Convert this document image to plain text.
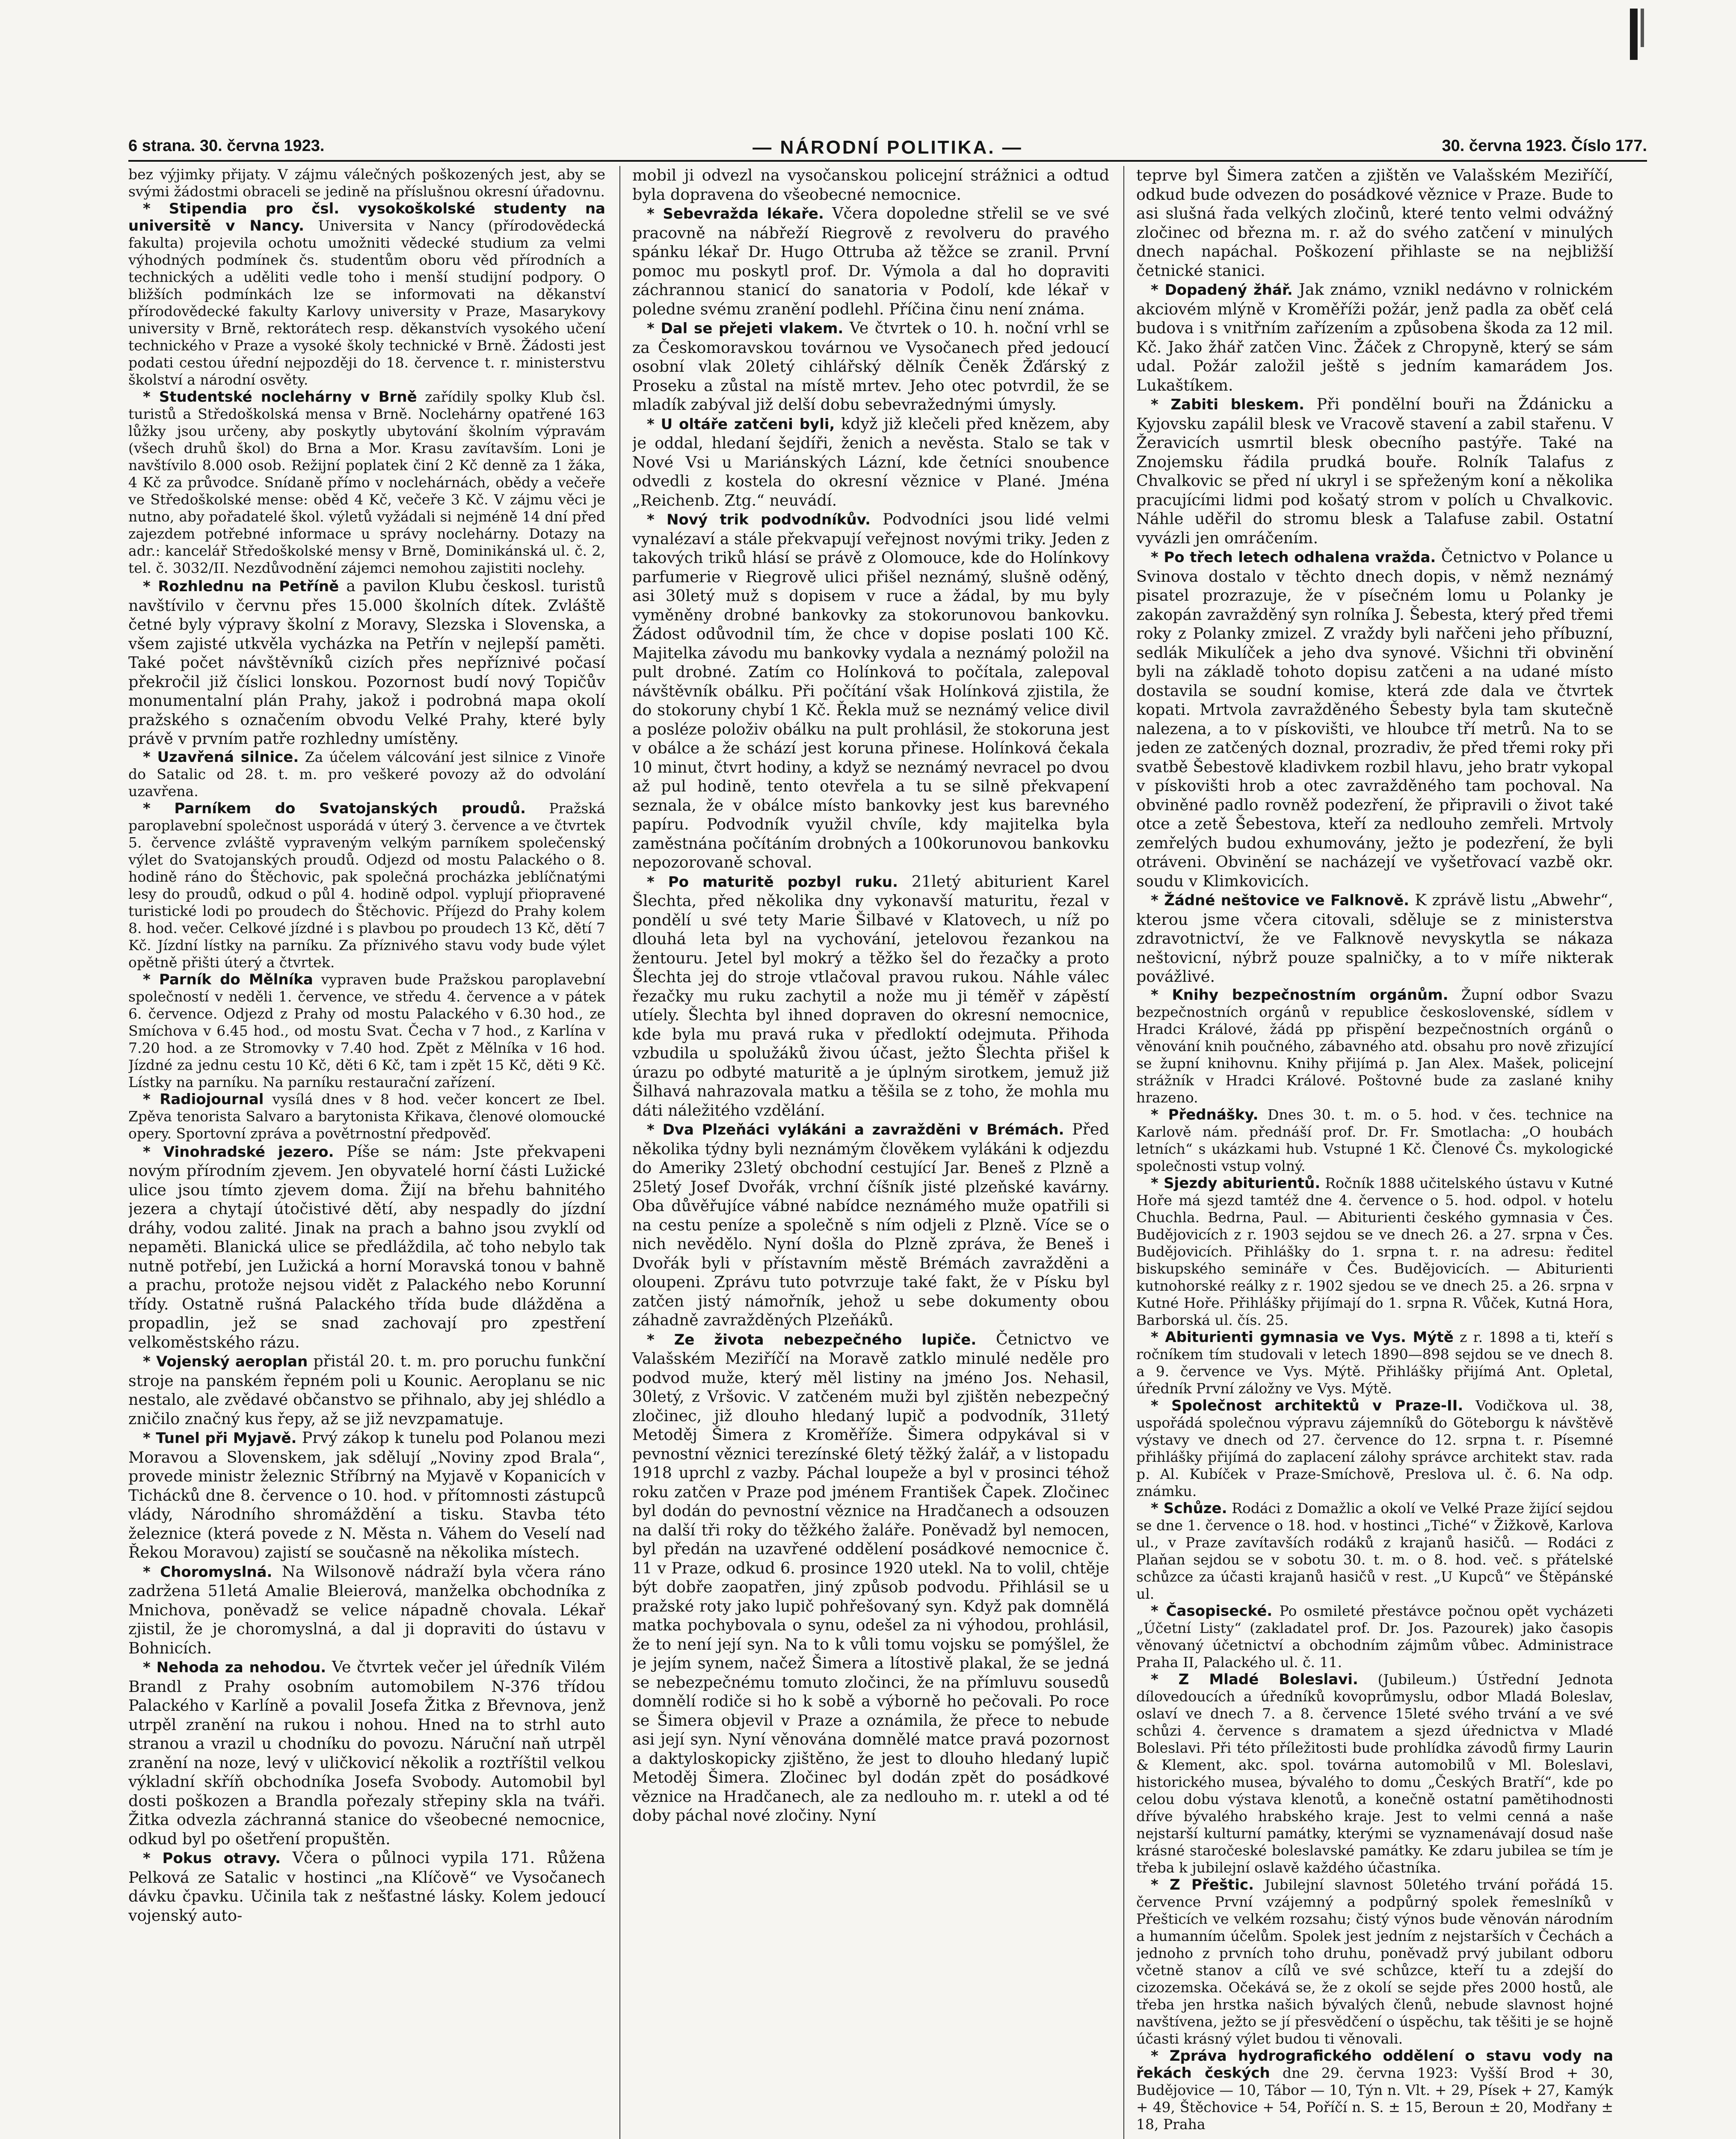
6 strana. 30. června 1923.	— NÁRODNÍ POLITIKA. —	30. června 1923. Číslo 177.

bez výjimky přijaty. V zájmu válečných poškozených jest, aby se svými žádostmi obraceli se jedině na příslušnou okresní úřadovnu.

* Stipendia pro čsl. vysokoškolské studenty na universitě v Nancy. Universita v Nancy (přírodovědecká fakulta) projevila ochotu umožniti vědecké studium za velmi výhodných podmínek čs. studentům oboru věd přírodních a technických a uděliti vedle toho i menší studijní podpory. O bližších podmínkách lze se informovati na děkanství přírodovědecké fakulty Karlovy university v Praze, Masarykovy university v Brně, rektorátech resp. děkanstvích vysokého učení technického v Praze a vysoké školy technické v Brně. Žádosti jest podati cestou úřední nejpozději do 18. července t. r. ministerstvu školství a národní osvěty.

* Studentské noclehárny v Brně zařídily spolky Klub čsl. turistů a Středoškolská mensa v Brně. Noclehárny opatřené 163 lůžky jsou určeny, aby poskytly ubytování školním výpravám (všech druhů škol) do Brna a Mor. Krasu zavítavším. Loni je navštívilo 8.000 osob. Režijní poplatek činí 2 Kč denně za 1 žáka, 4 Kč za průvodce. Snídaně přímo v noclehárnách, obědy a večeře ve Středoškolské mense: oběd 4 Kč, večeře 3 Kč. V zájmu věci je nutno, aby pořadatelé škol. výletů vyžádali si nejméně 14 dní před zajezdem potřebné informace u správy noclehárny. Dotazy na adr.: kancelář Středoškolské mensy v Brně, Dominikánská ul. č. 2, tel. č. 3032/II. Nezdůvodnění zájemci nemohou zajistiti noclehy.

* Rozhlednu na Petříně a pavilon Klubu českosl. turistů navštívilo v červnu přes 15.000 školních dítek. Zvláště četné byly výpravy školní z Moravy, Slezska i Slovenska, a všem zajisté utkvěla vycházka na Petřín v nejlepší paměti. Také počet návštěvníků cizích přes nepříznivé počasí překročil již číslici lonskou. Pozornost budí nový Topičův monumentalní plán Prahy, jakož i podrobná mapa okolí pražského s označením obvodu Velké Prahy, které byly právě v prvním patře rozhledny umístěny.

* Uzavřená silnice. Za účelem válcování jest silnice z Vinoře do Satalic od 28. t. m. pro veškeré povozy až do odvolání uzavřena.

* Parníkem do Svatojanských proudů. Pražská paroplavební společnost usporádá v úterý 3. července a ve čtvrtek 5. července zvláště vypraveným velkým parníkem společenský výlet do Svatojanských proudů. Odjezd od mostu Palackého o 8. hodině ráno do Štěchovic, pak společná procházka jeblíčnatými lesy do proudů, odkud o půl 4. hodině odpol. vyplují přiopravené turistické lodi po proudech do Štěchovic. Příjezd do Prahy kolem 8. hod. večer. Celkové jízdné i s plavbou po proudech 13 Kč, dětí 7 Kč. Jízdní lístky na parníku. Za příznivého stavu vody bude výlet opětně přišti úterý a čtvrtek.

* Parník do Mělníka vypraven bude Pražskou paroplavební společností v neděli 1. července, ve středu 4. července a v pátek 6. července. Odjezd z Prahy od mostu Palackého v 6.30 hod., ze Smíchova v 6.45 hod., od mostu Svat. Čecha v 7 hod., z Karlína v 7.20 hod. a ze Stromovky v 7.40 hod. Zpět z Mělníka v 16 hod. Jízdné za jednu cestu 10 Kč, děti 6 Kč, tam i zpět 15 Kč, děti 9 Kč. Lístky na parníku. Na parníku restaurační zařízení.

* Radiojournal vysílá dnes v 8 hod. večer koncert ze Ibel. Zpěva tenorista Salvaro a barytonista Křikava, členové olomoucké opery. Sportovní zpráva a povětrnostní předpověď.

* Vinohradské jezero. Píše se nám: Jste překvapeni novým přírodním zjevem. Jen obyvatelé horní části Lužické ulice jsou tímto zjevem doma. Žijí na břehu bahnitého jezera a chytají útočistivé dětí, aby nespadly do jízdní dráhy, vodou zalité. Jinak na prach a bahno jsou zvyklí od nepaměti. Blanická ulice se předláždila, ač toho nebylo tak nutně potřebí, jen Lužická a horní Moravská tonou v bahně a prachu, protože nejsou vidět z Palackého nebo Korunní třídy. Ostatně rušná Palackého třída bude dlážděna a propadlin, jež se snad zachovají pro zpestření velkoměstského rázu.

* Vojenský aeroplan přistál 20. t. m. pro poruchu funkční stroje na panském řepném poli u Kounic. Aeroplanu se nic nestalo, ale zvědavé občanstvo se přihnalo, aby jej shlédlo a zničilo značný kus řepy, až se již nevzpamatuje.

* Tunel při Myjavě. Prvý zákop k tunelu pod Polanou mezi Moravou a Slovenskem, jak sdělují „Noviny zpod Brala“, provede ministr železnic Stříbrný na Myjavě v Kopanicích v Tichácků dne 8. července o 10. hod. v přítomnosti zástupců vlády, Národního shromáždění a tisku. Stavba této železnice (která povede z N. Města n. Váhem do Veselí nad Řekou Moravou) zajistí se současně na několika místech.

* Choromyslná. Na Wilsonově nádraží byla včera ráno zadržena 51letá Amalie Bleierová, manželka obchodníka z Mnichova, poněvadž se velice nápadně chovala. Lékař zjistil, že je choromyslná, a dal ji dopraviti do ústavu v Bohnicích.

* Nehoda za nehodou. Ve čtvrtek večer jel úředník Vilém Brandl z Prahy osobním automobilem N-376 třídou Palackého v Karlíně a povalil Josefa Žitka z Břevnova, jenž utrpěl zranění na rukou i nohou. Hned na to strhl auto stranou a vrazil u chodníku do povozu. Náruční naň utrpěl zranění na noze, levý v uličkovicí několik a roztříštil velkou výkladní skříň obchodníka Josefa Svobody. Automobil byl dosti poškozen a Brandla pořezaly střepiny skla na tváři. Žitka odvezla záchranná stanice do všeobecné nemocnice, odkud byl po ošetření propuštěn.

* Pokus otravy. Včera o půlnoci vypila 171. Růžena Pelková ze Satalic v hostinci „na Klíčově“ ve Vysočanech dávku čpavku. Učinila tak z nešťastné lásky. Kolem jedoucí vojenský auto-

mobil ji odvezl na vysočanskou policejní strážnici a odtud byla dopravena do všeobecné nemocnice.

* Sebevražda lékaře. Včera dopoledne střelil se ve své pracovně na nábřeží Riegrově z revolveru do pravého spánku lékař Dr. Hugo Ottruba až těžce se zranil. První pomoc mu poskytl prof. Dr. Výmola a dal ho dopraviti záchrannou stanicí do sanatoria v Podolí, kde lékař v poledne svému zranění podlehl. Příčina činu není známa.

* Dal se přejeti vlakem. Ve čtvrtek o 10. h. noční vrhl se za Českomoravskou továrnou ve Vysočanech před jedoucí osobní vlak 20letý cihlářský dělník Čeněk Žďárský z Proseku a zůstal na místě mrtev. Jeho otec potvrdil, že se mladík zabýval již delší dobu sebevražednými úmysly.

* U oltáře zatčeni byli, když již klečeli před knězem, aby je oddal, hledaní šejdíři, ženich a nevěsta. Stalo se tak v Nové Vsi u Mariánských Lázní, kde četníci snoubence odvedli z kostela do okresní věznice v Plané. Jména „Reichenb. Ztg.“ neuvádí.

* Nový trik podvodníkův. Podvodníci jsou lidé velmi vynalézaví a stále překvapují veřejnost novými triky. Jeden z takových triků hlásí se právě z Olomouce, kde do Holínkovy parfumerie v Riegrově ulici přišel neznámý, slušně oděný, asi 30letý muž s dopisem v ruce a žádal, by mu byly vyměněny drobné bankovky za stokorunovou bankovku. Žádost odůvodnil tím, že chce v dopise poslati 100 Kč. Majitelka závodu mu bankovky vydala a neznámý položil na pult drobné. Zatím co Holínková to počítala, zalepoval návštěvník obálku. Při počítání však Holínková zjistila, že do stokoruny chybí 1 Kč. Řekla muž se neznámý velice divil a posléze položiv obálku na pult prohlásil, že stokoruna jest v obálce a že schází jest koruna přinese. Holínková čekala 10 minut, čtvrt hodiny, a když se neznámý nevracel po dvou až pul hodině, tento otevřela a tu se silně překvapení seznala, že v obálce místo bankovky jest kus barevného papíru. Podvodník využil chvíle, kdy majitelka byla zaměstnána počítáním drobných a 100korunovou bankovku nepozorovaně schoval.

* Po maturitě pozbyl ruku. 21letý abiturient Karel Šlechta, před několika dny vykonavší maturitu, řezal v pondělí u své tety Marie Šilbavé v Klatovech, u níž po dlouhá leta byl na vychování, jetelovou řezankou na žentouru. Jetel byl mokrý a těžko šel do řezačky a proto Šlechta jej do stroje vtlačoval pravou rukou. Náhle válec řezačky mu ruku zachytil a nože mu ji téměř v zápěstí utíely. Šlechta byl ihned dopraven do okresní nemocnice, kde byla mu pravá ruka v předloktí odejmuta. Přihoda vzbudila u spolužáků živou účast, ježto Šlechta přišel k úrazu po odbyté maturitě a je úplným sirotkem, jemuž již Šilhavá nahrazovala matku a těšila se z toho, že mohla mu dáti náležitého vzdělání.

* Dva Plzeňáci vylákáni a zavražděni v Brémách. Před několika týdny byli neznámým člověkem vylákáni k odjezdu do Ameriky 23letý obchodní cestující Jar. Beneš z Plzně a 25letý Josef Dvořák, vrchní číšník jisté plzeňské kavárny. Oba důvěřujíce vábné nabídce neznámého muže opatřili si na cestu peníze a společně s ním odjeli z Plzně. Více se o nich nevědělo. Nyní došla do Plzně zpráva, že Beneš i Dvořák byli v přístavním městě Brémách zavražděni a oloupeni. Zprávu tuto potvrzuje také fakt, že v Písku byl zatčen jistý námořník, jehož u sebe dokumenty obou záhadně zavražděných Plzeňáků.

* Ze života nebezpečného lupiče. Četnictvo ve Valašském Meziříčí na Moravě zatklo minulé neděle pro podvod muže, který měl listiny na jméno Jos. Nehasil, 30letý, z Vršovic. V zatčeném muži byl zjištěn nebezpečný zločinec, již dlouho hledaný lupič a podvodník, 31letý Metoděj Šimera z Kroměříže. Šimera odpykával si v pevnostní věznici terezínské 6letý těžký žalář, a v listopadu 1918 uprchl z vazby. Páchal loupeže a byl v prosinci téhož roku zatčen v Praze pod jménem František Čapek. Zločinec byl dodán do pevnostní věznice na Hradčanech a odsouzen na další tři roky do těžkého žaláře. Poněvadž byl nemocen, byl předán na uzavřené oddělení posádkové nemocnice č. 11 v Praze, odkud 6. prosince 1920 utekl. Na to volil, chtěje být dobře zaopatřen, jiný způsob podvodu. Přihlásil se u pražské roty jako lupič pohřešovaný syn. Když pak domnělá matka pochybovala o synu, odešel za ni výhodou, prohlásil, že to není její syn. Na to k vůli tomu vojsku se pomýšlel, že je jejím synem, načež Šimera a lítostivě plakal, že se jedná se nebezpečnému tomuto zločinci, že na přímluvu sousedů domnělí rodiče si ho k sobě a výborně ho pečovali. Po roce se Šimera objevil v Praze a oznámila, že přece to nebude asi její syn. Nyní věnována domnělé matce pravá pozornost a daktyloskopicky zjištěno, že jest to dlouho hledaný lupič Metoděj Šimera. Zločinec byl dodán zpět do posádkové věznice na Hradčanech, ale za nedlouho m. r. utekl a od té doby páchal nové zločiny. Nyní

teprve byl Šimera zatčen a zjištěn ve Valašském Meziříčí, odkud bude odvezen do posádkové věznice v Praze. Bude to asi slušná řada velkých zločinů, které tento velmi odvážný zločinec od března m. r. až do svého zatčení v minulých dnech napáchal. Poškození přihlaste se na nejbližší četnické stanici.

* Dopadený žhář. Jak známo, vznikl nedávno v rolnickém akciovém mlýně v Kroměříži požár, jenž padla za oběť celá budova i s vnitřním zařízením a způsobena škoda za 12 mil. Kč. Jako žhář zatčen Vinc. Žáček z Chropyně, který se sám udal. Požár založil ještě s jedním kamarádem Jos. Lukaštíkem.

* Zabiti bleskem. Při pondělní bouři na Ždánicku a Kyjovsku zapálil blesk ve Vracově stavení a zabil stařenu. V Žeravicích usmrtil blesk obecního pastýře. Také na Znojemsku řádila prudká bouře. Rolník Talafus z Chvalkovic se před ní ukryl i se spřeženým koní a několika pracujícími lidmi pod košatý strom v polích u Chvalkovic. Náhle uděřil do stromu blesk a Talafuse zabil. Ostatní vyvázli jen omráčením.

* Po třech letech odhalena vražda. Četnictvo v Polance u Svinova dostalo v těchto dnech dopis, v němž neznámý pisatel prozrazuje, že v písečném lomu u Polanky je zakopán zavražděný syn rolníka J. Šebesta, který před třemi roky z Polanky zmizel. Z vraždy byli nařčeni jeho příbuzní, sedlák Mikulíček a jeho dva synové. Všichni tři obvinění byli na základě tohoto dopisu zatčeni a na udané místo dostavila se soudní komise, která zde dala ve čtvrtek kopati. Mrtvola zavražděného Šebesty byla tam skutečně nalezena, a to v pískovišti, ve hloubce tří metrů. Na to se jeden ze zatčených doznal, prozradiv, že před třemi roky při svatbě Šebestově kladivkem rozbil hlavu, jeho bratr vykopal v pískovišti hrob a otec zavražděného tam pochoval. Na obviněné padlo rovněž podezření, že připravili o život také otce a zetě Šebestova, kteří za nedlouho zemřeli. Mrtvoly zemřelých budou exhumovány, ježto je podezření, že byli otráveni. Obvinění se nacházejí ve vyšetřovací vazbě okr. soudu v Klimkovicích.

* Žádné neštovice ve Falknově. K zprávě listu „Abwehr“, kterou jsme včera citovali, sděluje se z ministerstva zdravotnictví, že ve Falknově nevyskytla se nákaza neštovicní, nýbrž pouze spalničky, a to v míře nikterak povážlivé.

* Knihy bezpečnostním orgánům. Župní odbor Svazu bezpečnostních orgánů v republice československé, sídlem v Hradci Králové, žádá pp přispění bezpečnostních orgánů o věnování knih poučného, zábavného atd. obsahu pro nově zřizující se župní knihovnu. Knihy přijímá p. Jan Alex. Mašek, policejní strážník v Hradci Králové. Poštovné bude za zaslané knihy hrazeno.

* Přednášky. Dnes 30. t. m. o 5. hod. v čes. technice na Karlově nám. přednáší prof. Dr. Fr. Smotlacha: „O houbách letních“ s ukázkami hub. Vstupné 1 Kč. Členové Čs. mykologické společnosti vstup volný.

* Sjezdy abiturientů. Ročník 1888 učitelského ústavu v Kutné Hoře má sjezd tamtéž dne 4. července o 5. hod. odpol. v hotelu Chuchla. Bedrna, Paul. — Abiturienti českého gymnasia v Čes. Budějovicích z r. 1903 sejdou se ve dnech 26. a 27. srpna v Čes. Budějovicích. Přihlášky do 1. srpna t. r. na adresu: ředitel biskupského semináře v Čes. Budějovicích. — Abiturienti kutnohorské reálky z r. 1902 sjedou se ve dnech 25. a 26. srpna v Kutné Hoře. Přihlášky přijímají do 1. srpna R. Vůček, Kutná Hora, Barborská ul. čís. 25.

* Abiturienti gymnasia ve Vys. Mýtě z r. 1898 a ti, kteří s ročníkem tím studovali v letech 1890—898 sejdou se ve dnech 8. a 9. července ve Vys. Mýtě. Přihlášky přijímá Ant. Opletal, úředník První záložny ve Vys. Mýtě.

* Společnost architektů v Praze-II. Vodičkova ul. 38, uspořádá společnou výpravu zájemníků do Göteborgu k návštěvě výstavy ve dnech od 27. července do 12. srpna t. r. Písemné přihlášky přijímá do zaplacení zálohy správce architekt stav. rada p. Al. Kubíček v Praze-Smíchově, Preslova ul. č. 6. Na odp. známku.

* Schůze. Rodáci z Domažlic a okolí ve Velké Praze žijící sejdou se dne 1. července o 18. hod. v hostinci „Tiché“ v Žižkově, Karlova ul., v Praze zavítavších rodáků z krajanů hasičů. — Rodáci z Plaňan sejdou se v sobotu 30. t. m. o 8. hod. več. s přátelské schůzce za účasti krajanů hasičů v rest. „U Kupců“ ve Štěpánské ul.

* Časopisecké. Po osmileté přestávce počnou opět vycházeti „Účetní Listy“ (zakladatel prof. Dr. Jos. Pazourek) jako časopis věnovaný účetnictví a obchodním zájmům vůbec. Administrace Praha II, Palackého ul. č. 11.

* Z Mladé Boleslavi. (Jubileum.) Ústřední Jednota dílovedoucích a úředníků kovoprůmyslu, odbor Mladá Boleslav, oslaví ve dnech 7. a 8. července 15leté svého trvání a ve své schůzi 4. července s dramatem a sjezd úřednictva v Mladé Boleslavi. Při této příležitosti bude prohlídka závodů firmy Laurin & Klement, akc. spol. továrna automobilů v Ml. Boleslavi, historického musea, bývalého to domu „Českých Bratří“, kde po celou dobu výstava klenotů, a konečně ostatní pamětihodnosti dříve bývalého hrabského kraje. Jest to velmi cenná a naše nejstarší kulturní památky, kterými se vyznamenávají dosud naše krásné staročeské boleslavské památky. Ke zdaru jubilea se tím je třeba k jubilejní oslavě každého účastníka.

* Z Přeštic. Jubilejní slavnost 50letého trvání pořádá 15. července První vzájemný a podpůrný spolek řemeslníků v Přešticích ve velkém rozsahu; čistý výnos bude věnován národním a humanním účelům. Spolek jest jedním z nejstarších v Čechách a jednoho z prvních toho druhu, poněvadž prvý jubilant odboru včetně stanov a cílů ve své schůzce, kteří tu a zdejší do cizozemska. Očekává se, že z okolí se sejde přes 2000 hostů, ale třeba jen hrstka našich bývalých členů, nebude slavnost hojné navštívena, ježto se jí přesvědčení o úspěchu, tak těšiti je se hojně účasti krásný výlet budou ti věnovali.

* Zpráva hydrografického oddělení o stavu vody na řekách českých dne 29. června 1923: Vyšší Brod + 30, Budějovice — 10, Tábor — 10, Týn n. Vlt. + 29, Písek + 27, Kamýk + 49, Štěchovice + 54, Poříčí n. S. ± 15, Beroun ± 20, Modřany ± 18, Praha
